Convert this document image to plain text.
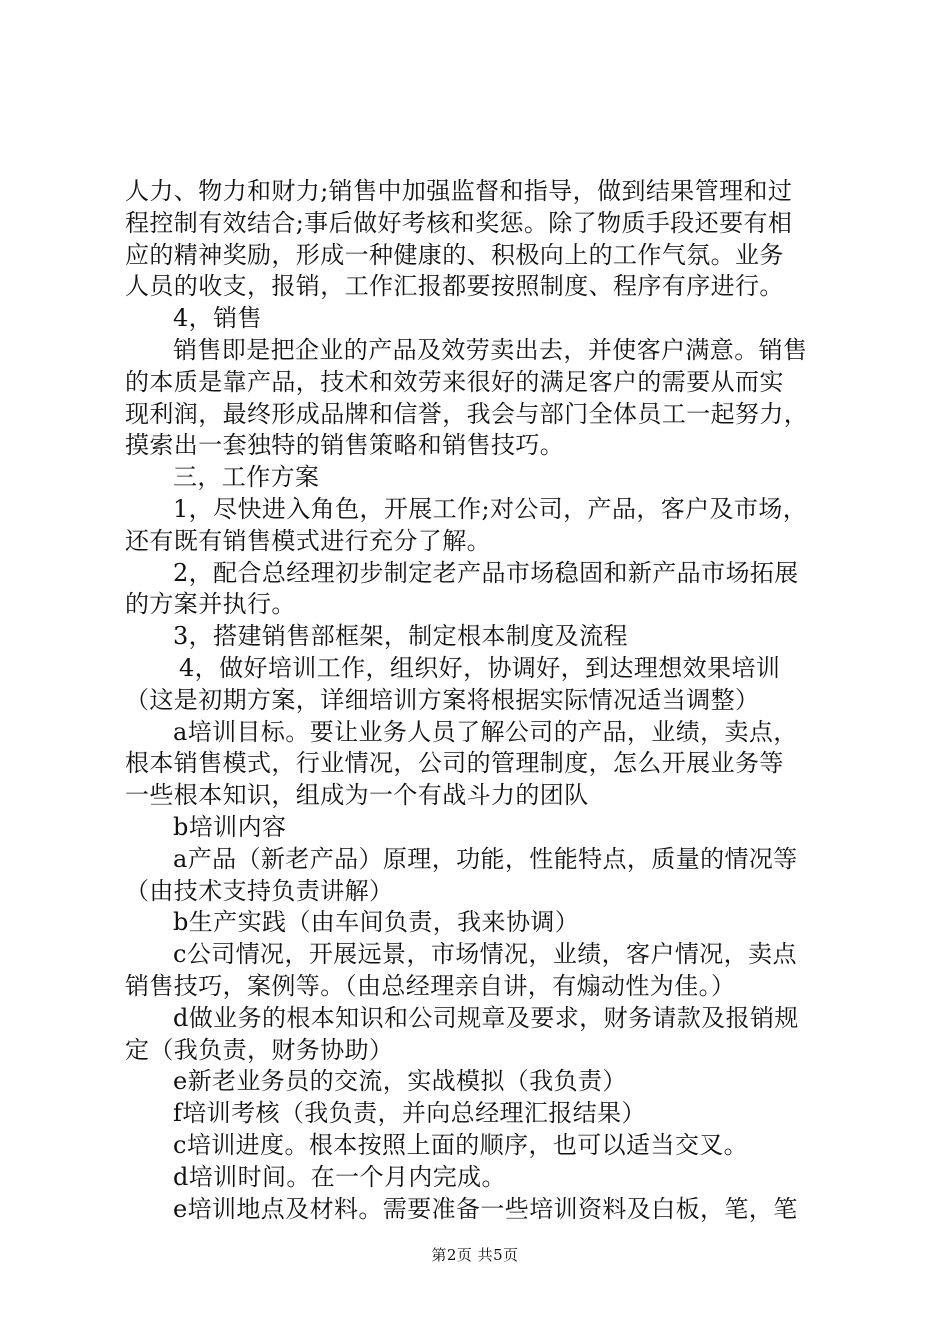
人力、物力和财力;销售中加强监督和指导，做到结果管理和过
程控制有效结合;事后做好考核和奖惩。除了物质手段还要有相
应的精神奖励，形成一种健康的、积极向上的工作气氛。业务
人员的收支，报销，工作汇报都要按照制度、程序有序进行。
4，销售
销售即是把企业的产品及效劳卖出去，并使客户满意。销售
的本质是靠产品，技术和效劳来很好的满足客户的需要从而实
现利润，最终形成品牌和信誉，我会与部门全体员工一起努力，
摸索出一套独特的销售策略和销售技巧。
三，工作方案
1，尽快进入角色，开展工作;对公司，产品，客户及市场，
还有既有销售模式进行充分了解。
2，配合总经理初步制定老产品市场稳固和新产品市场拓展
的方案并执行。
3，搭建销售部框架，制定根本制度及流程
4，做好培训工作，组织好，协调好，到达理想效果培训
（这是初期方案，详细培训方案将根据实际情况适当调整）
a培训目标。要让业务人员了解公司的产品，业绩，卖点，
根本销售模式，行业情况，公司的管理制度，怎么开展业务等
一些根本知识，组成为一个有战斗力的团队
b培训内容
a产品（新老产品）原理，功能，性能特点，质量的情况等
（由技术支持负责讲解）
b生产实践（由车间负责，我来协调）
c公司情况，开展远景，市场情况，业绩，客户情况，卖点
销售技巧，案例等。（由总经理亲自讲，有煽动性为佳。）
d做业务的根本知识和公司规章及要求，财务请款及报销规
定（我负责，财务协助）
e新老业务员的交流，实战模拟（我负责）
f培训考核（我负责，并向总经理汇报结果）
c培训进度。根本按照上面的顺序，也可以适当交叉。
d培训时间。在一个月内完成。
e培训地点及材料。需要准备一些培训资料及白板，笔，笔
第2页 共5页
